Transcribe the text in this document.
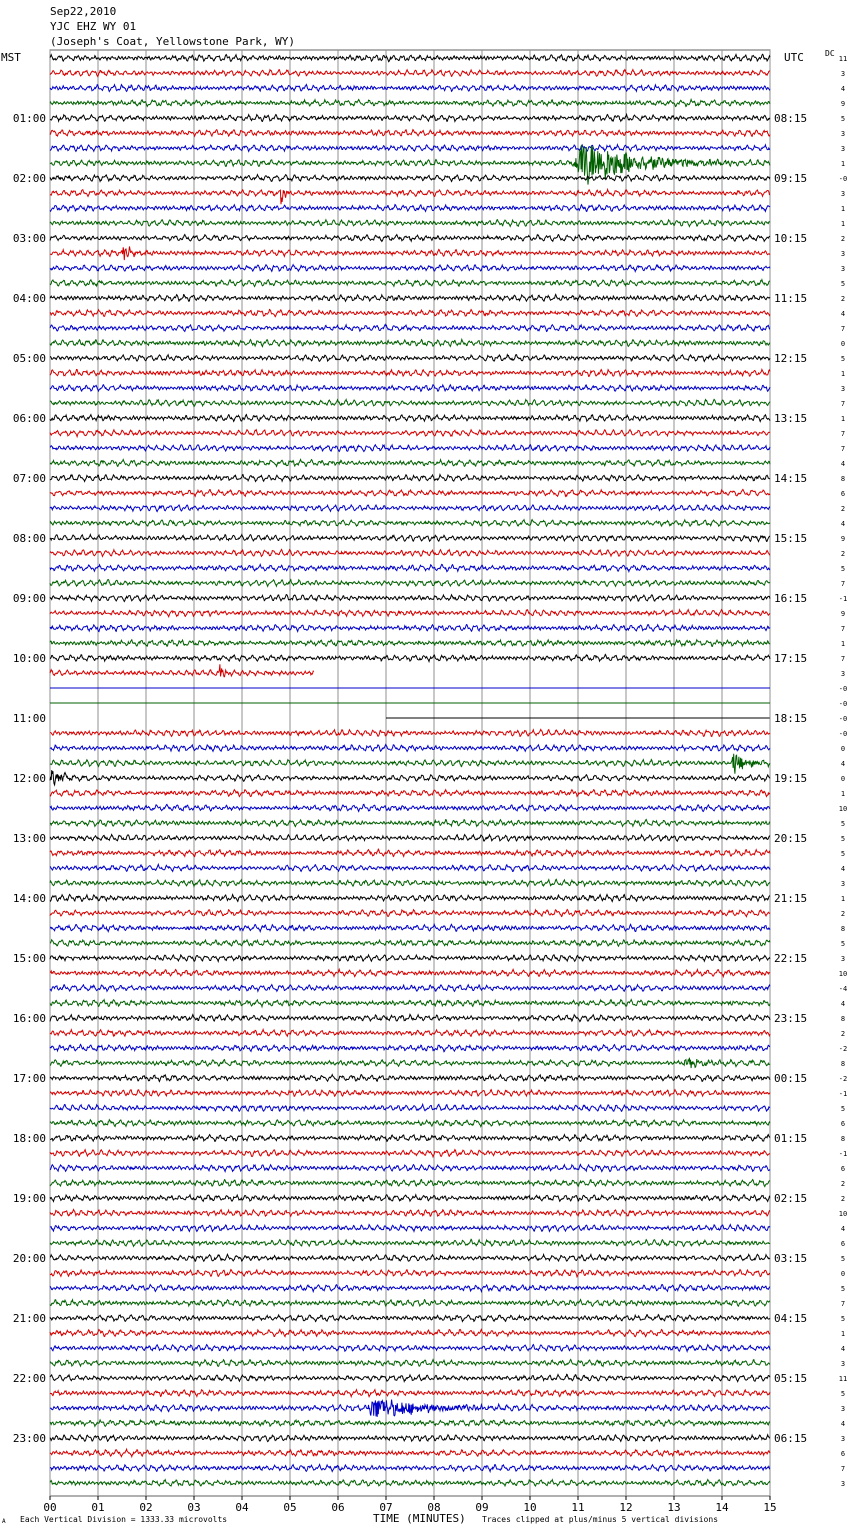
Sep22,2010
YJC EHZ WY 01
(Joseph's Coat, Yellowstone Park, WY)
MST	UTC	DC
00	01	02	03	04	05	06	07	08	09	10	11	12	13	14	15
11
3
4
9
5
3
3
1
-0
3
1
1
2
3
3
5
2
4
7
0
5
1
3
7
1
7
7
4
8
6
2
4
9
2
5
7
-1
9
7
1
7
3
-0
-0
-0
-0
0
4
0
1
10
5
5
5
4
3
1
2
8
5
3
10
-4
4
8
2
-2
8
-2
-1
5
6
8
-1
6
2
2
10
4
6
5
0
5
7
5
1
4
3
11
5
3
4
3
6
7
3
01:00	08:15
02:00	09:15
03:00	10:15
04:00	11:15
05:00	12:15
06:00	13:15
07:00	14:15
08:00	15:15
09:00	16:15
10:00	17:15
11:00	18:15
12:00	19:15
13:00	20:15
14:00	21:15
15:00	22:15
16:00	23:15
17:00	00:15
18:00	01:15
19:00	02:15
20:00	03:15
21:00	04:15
22:00	05:15
23:00	06:15
A Each Vertical Division = 1333.33 microvolts	TIME (MINUTES) Traces clipped at plus/minus 5 vertical divisions
